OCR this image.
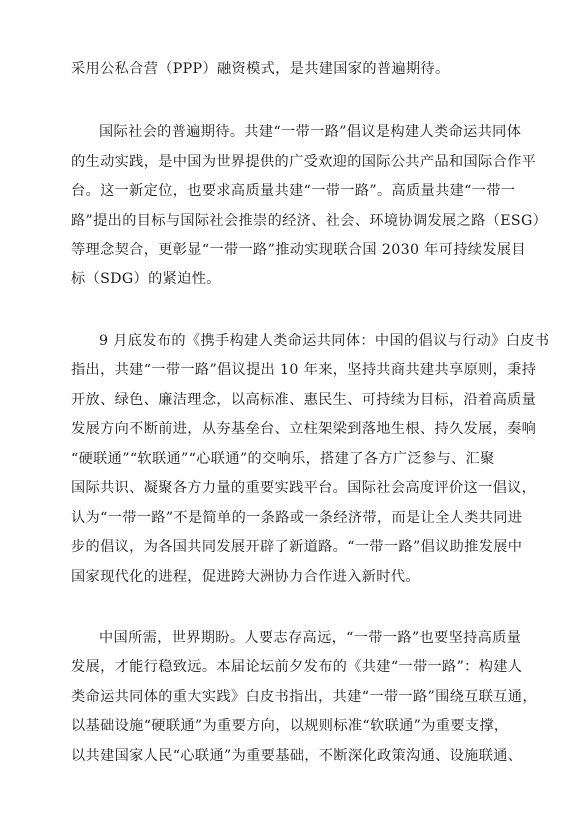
采用公私合营（PPP）融资模式，是共建国家的普遍期待。
国际社会的普遍期待。共建“一带一路”倡议是构建人类命运共同体
的生动实践，是中国为世界提供的广受欢迎的国际公共产品和国际合作平
台。这一新定位，也要求高质量共建“一带一路”。高质量共建“一带一
路”提出的目标与国际社会推崇的经济、社会、环境协调发展之路（ESG）
等理念契合，更彰显“一带一路”推动实现联合国 2030 年可持续发展目
标（SDG）的紧迫性。
9 月底发布的《携手构建人类命运共同体：中国的倡议与行动》白皮书
指出，共建“一带一路”倡议提出 10 年来，坚持共商共建共享原则，秉持
开放、绿色、廉洁理念，以高标准、惠民生、可持续为目标，沿着高质量
发展方向不断前进，从夯基垒台、立柱架梁到落地生根、持久发展，奏响
“硬联通”“软联通”“心联通”的交响乐，搭建了各方广泛参与、汇聚
国际共识、凝聚各方力量的重要实践平台。国际社会高度评价这一倡议，
认为“一带一路”不是简单的一条路或一条经济带，而是让全人类共同进
步的倡议，为各国共同发展开辟了新道路。“一带一路”倡议助推发展中
国家现代化的进程，促进跨大洲协力合作进入新时代。
中国所需，世界期盼。人要志存高远，“一带一路”也要坚持高质量
发展，才能行稳致远。本届论坛前夕发布的《共建“一带一路”：构建人
类命运共同体的重大实践》白皮书指出，共建“一带一路”围绕互联互通，
以基础设施“硬联通”为重要方向，以规则标准“软联通”为重要支撑，
以共建国家人民“心联通”为重要基础，不断深化政策沟通、设施联通、
